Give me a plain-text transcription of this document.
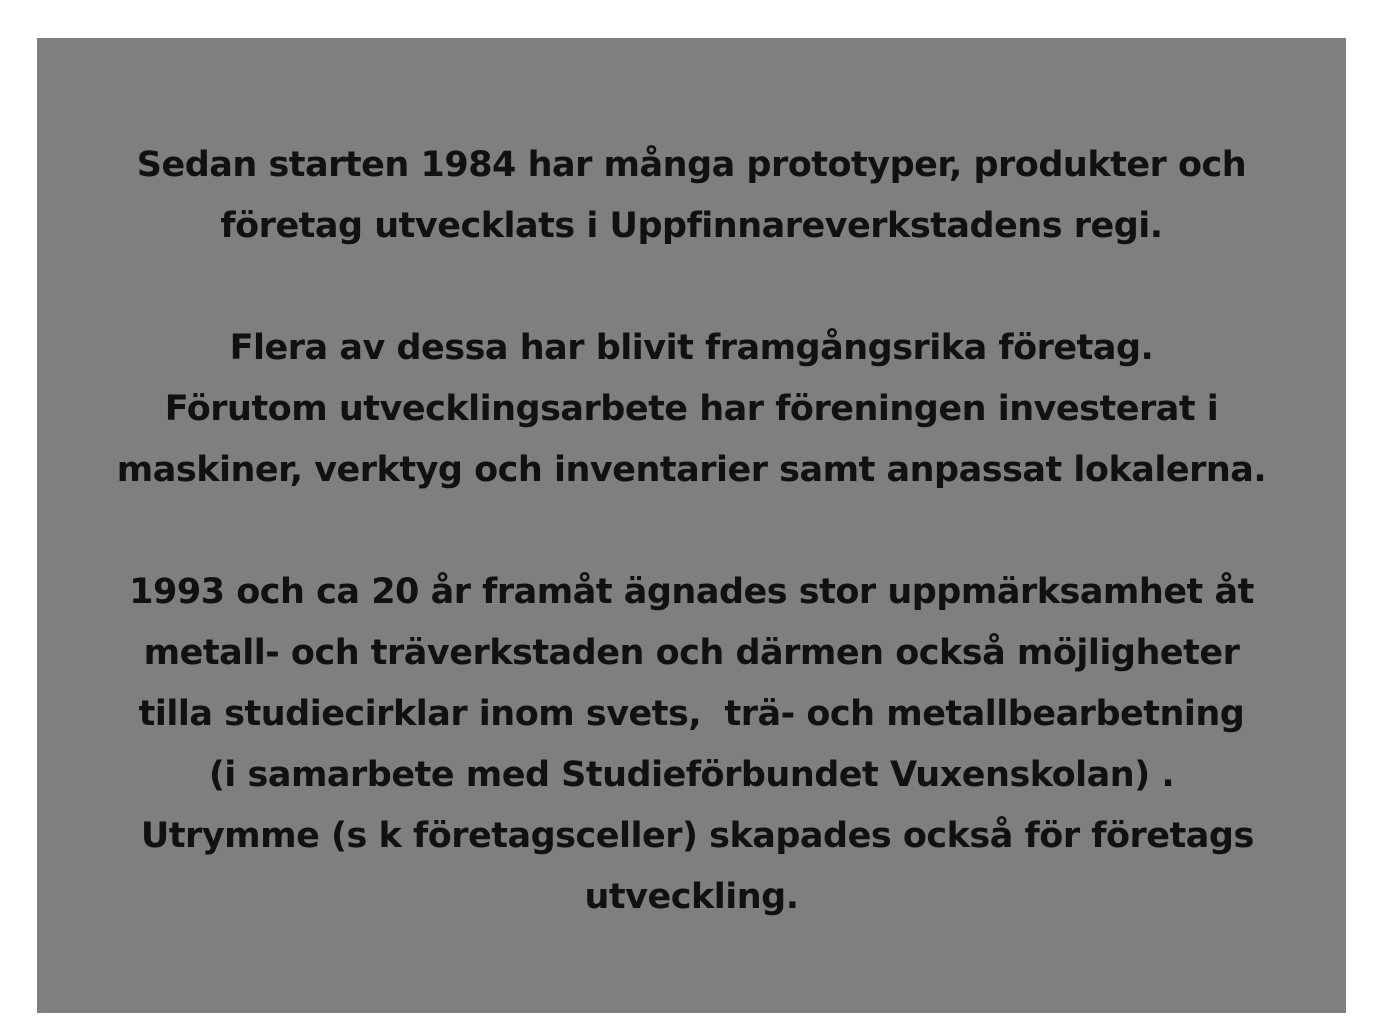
Sedan starten 1984 har många prototyper, produkter och
företag utvecklats i Uppfinnareverkstadens regi.
Flera av dessa har blivit framgångsrika företag.
Förutom utvecklingsarbete har föreningen investerat i
maskiner, verktyg och inventarier samt anpassat lokalerna.
1993 och ca 20 år framåt ägnades stor uppmärksamhet åt
metall- och träverkstaden och därmen också möjligheter
tilla studiecirklar inom svets,  trä- och metallbearbetning
(i samarbete med Studieförbundet Vuxenskolan) .
Utrymme (s k företagsceller) skapades också för företags
utveckling.
